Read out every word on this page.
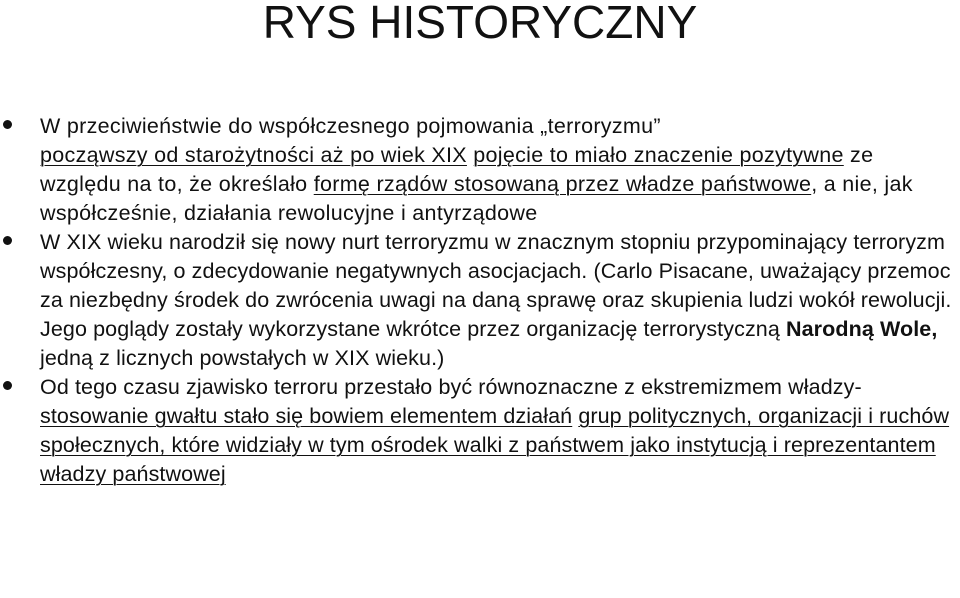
RYS HISTORYCZNY
W przeciwieństwie do współczesnego pojmowania „terroryzmu”
począwszy od starożytności aż po wiek XIX pojęcie to miało znaczenie pozytywne ze względu na to, że określało formę rządów stosowaną przez władze państwowe, a nie, jak współcześnie, działania rewolucyjne i antyrządowe
W XIX wieku narodził się nowy nurt terroryzmu w znacznym stopniu przypominający terroryzm współczesny, o zdecydowanie negatywnych asocjacjach. (Carlo Pisacane, uważający przemoc za niezbędny środek do zwrócenia uwagi na daną sprawę oraz skupienia ludzi wokół rewolucji. Jego poglądy zostały wykorzystane wkrótce przez organizację terrorystyczną Narodną Wole, jedną z licznych powstałych w XIX wieku.)
Od tego czasu zjawisko terroru przestało być równoznaczne z ekstremizmem władzy- stosowanie gwałtu stało się bowiem elementem działań grup politycznych, organizacji i ruchów społecznych, które widziały w tym ośrodek walki z państwem jako instytucją i reprezentantem władzy państwowej
